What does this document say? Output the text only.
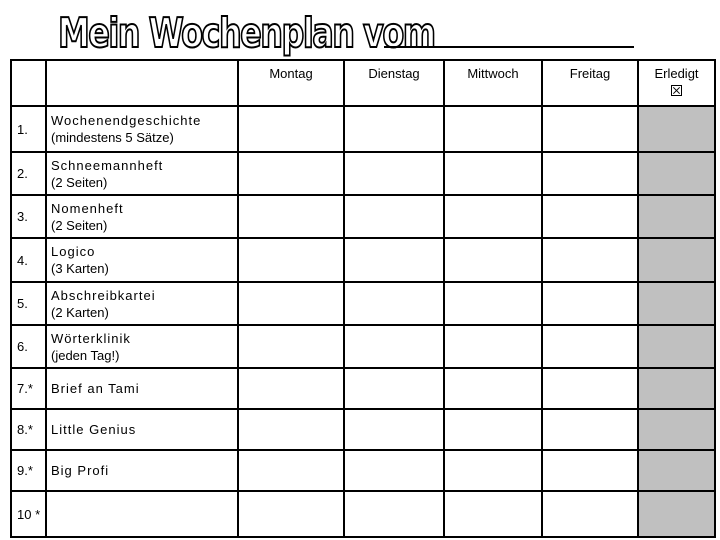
Mein Wochenplan vom
		Montag	Dienstag	Mittwoch	Freitag	Erledigt

1.	Wochenendgeschichte
(mindestens 5 Sätze)					

2.	Schneemannheft
(2 Seiten)					

3.	Nomenheft
(2 Seiten)					

4.	Logico
(3 Karten)					

5.	Abschreibkartei
(2 Karten)					

6.	Wörterklinik
(jeden Tag!)					

7.*	Brief an Tami					

8.*	Little Genius					

9.*	Big Profi					

10 *	
